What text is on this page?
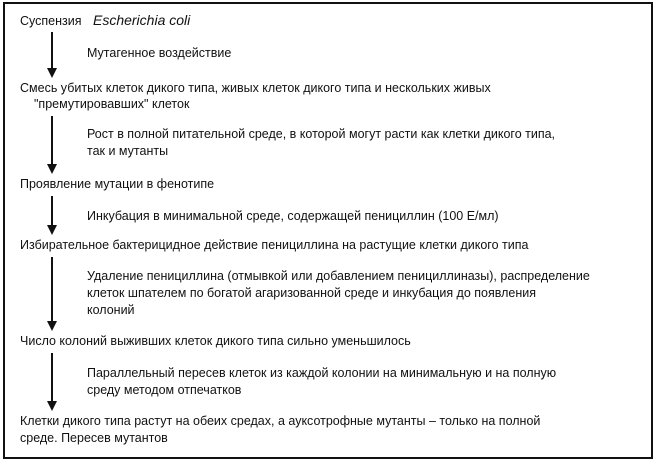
Суспензия Escherichia coli
Мутагенное воздействие
Смесь убитых клеток дикого типа, живых клеток дикого типа и нескольких живых
"премутировавших" клеток
Рост в полной питательной среде, в которой могут расти как клетки дикого типа,
так и мутанты
Проявление мутации в фенотипе
Инкубация в минимальной среде, содержащей пенициллин (100 Е/мл)
Избирательное бактерицидное действие пенициллина на растущие клетки дикого типа
Удаление пенициллина (отмывкой или добавлением пенициллиназы), распределение
клеток шпателем по богатой агаризованной среде и инкубация до появления
колоний
Число колоний выживших клеток дикого типа сильно уменьшилось
Параллельный пересев клеток из каждой колонии на минимальную и на полную
среду методом отпечатков
Клетки дикого типа растут на обеих средах, а ауксотрофные мутанты – только на полной
среде. Пересев мутантов
